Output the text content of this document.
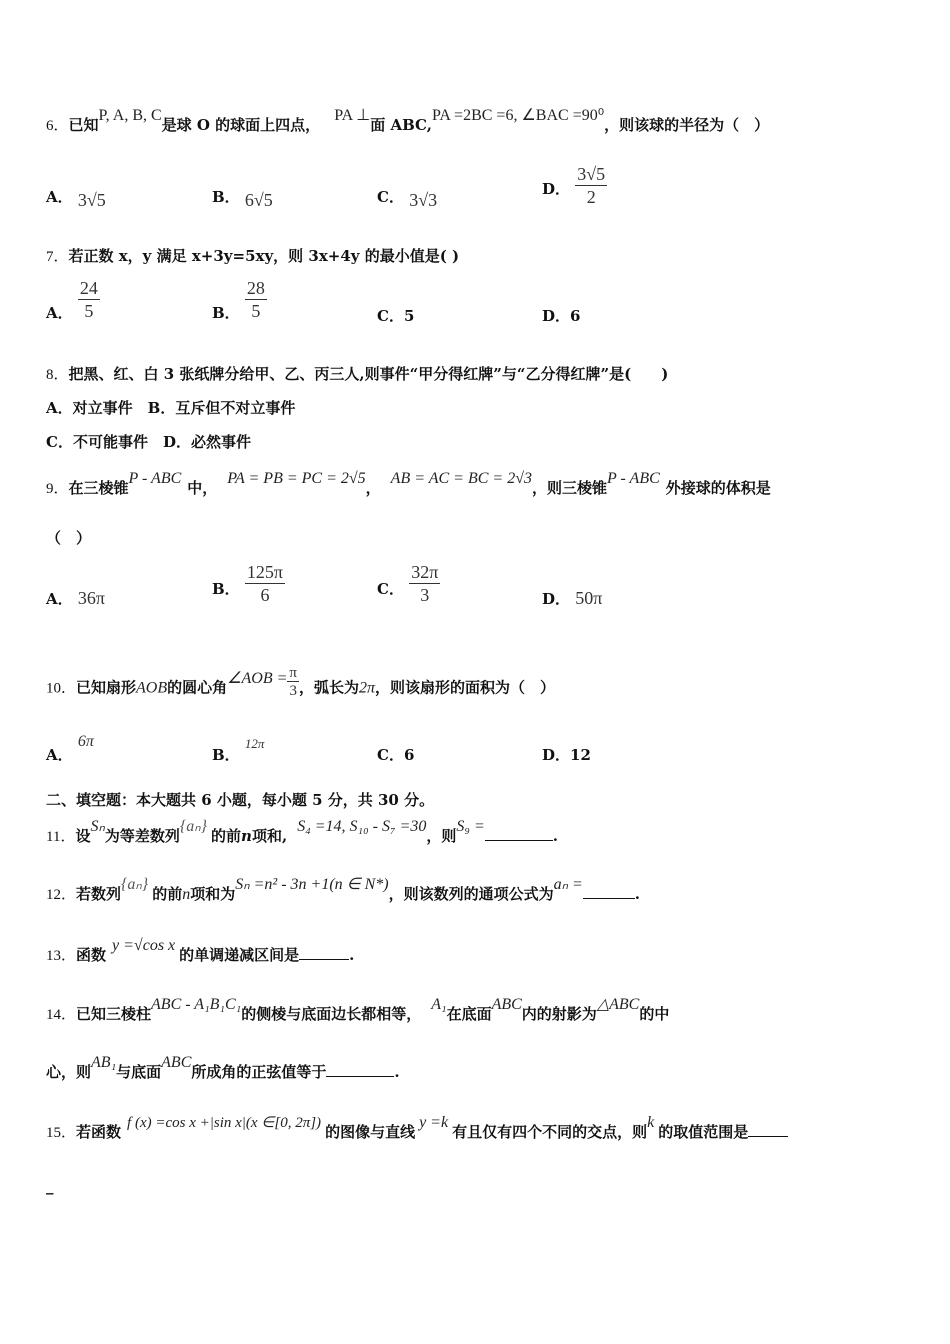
6．已知P, A, B, C是球 O 的球面上四点，PA ⊥面 ABC,PA =2BC =6, ∠BAC =90⁰，则该球的半径为（　）
A． 3√5	B． 6√5	C． 3√3
D． $\frac{3√5}{2}$
7．若正数 x，y 满足 x+3y=5xy，则 3x+4y 的最小值是( )
A． $\frac{24}{5}$	B． $\frac{28}{5}$	C．5	D．6
8．把黑、红、白 3 张纸牌分给甲、乙、丙三人,则事件“甲分得红牌”与“乙分得红牌”是(　　)
A．对立事件　B．互斥但不对立事件
C．不可能事件　D．必然事件
9．在三棱锥P - ABC中，PA = PB = PC = 2√5，AB = AC = BC = 2√3，则三棱锥P - ABC外接球的体积是
（　）
A． 36π	B． $\frac{125\pi}{6}$	C． $\frac{32\pi}{3}$	D． 50π
10．已知扇形AOB的圆心角∠AOB = $\frac{\pi}{3}$ ，弧长为2π，则该扇形的面积为（　）
A． 6π
B． 12π
C．6	D．12
二、填空题：本大题共 6 小题，每小题 5 分，共 30 分。
11．设Sₙ为等差数列{aₙ}的前n项和,S₄ =14, S₁₀ - S₇ =30，则S₉ =.
12．若数列{aₙ}的前n项和为Sₙ =n² - 3n +1(n ∈ N*)，则该数列的通项公式为aₙ =.
13．函数y =√cos x的单调递减区间是	.
14．已知三棱柱ABC - A₁B₁C₁的侧棱与底面边长都相等，A₁在底面ABC内的射影为△ABC的中
心，则AB₁与底面ABC所成角的正弦值等于	.
15．若函数 f (x) =cos x +|sin x|(x ∈[0, 2π]) 的图像与直线y =k有且仅有四个不同的交点，则k的取值范围是
_
